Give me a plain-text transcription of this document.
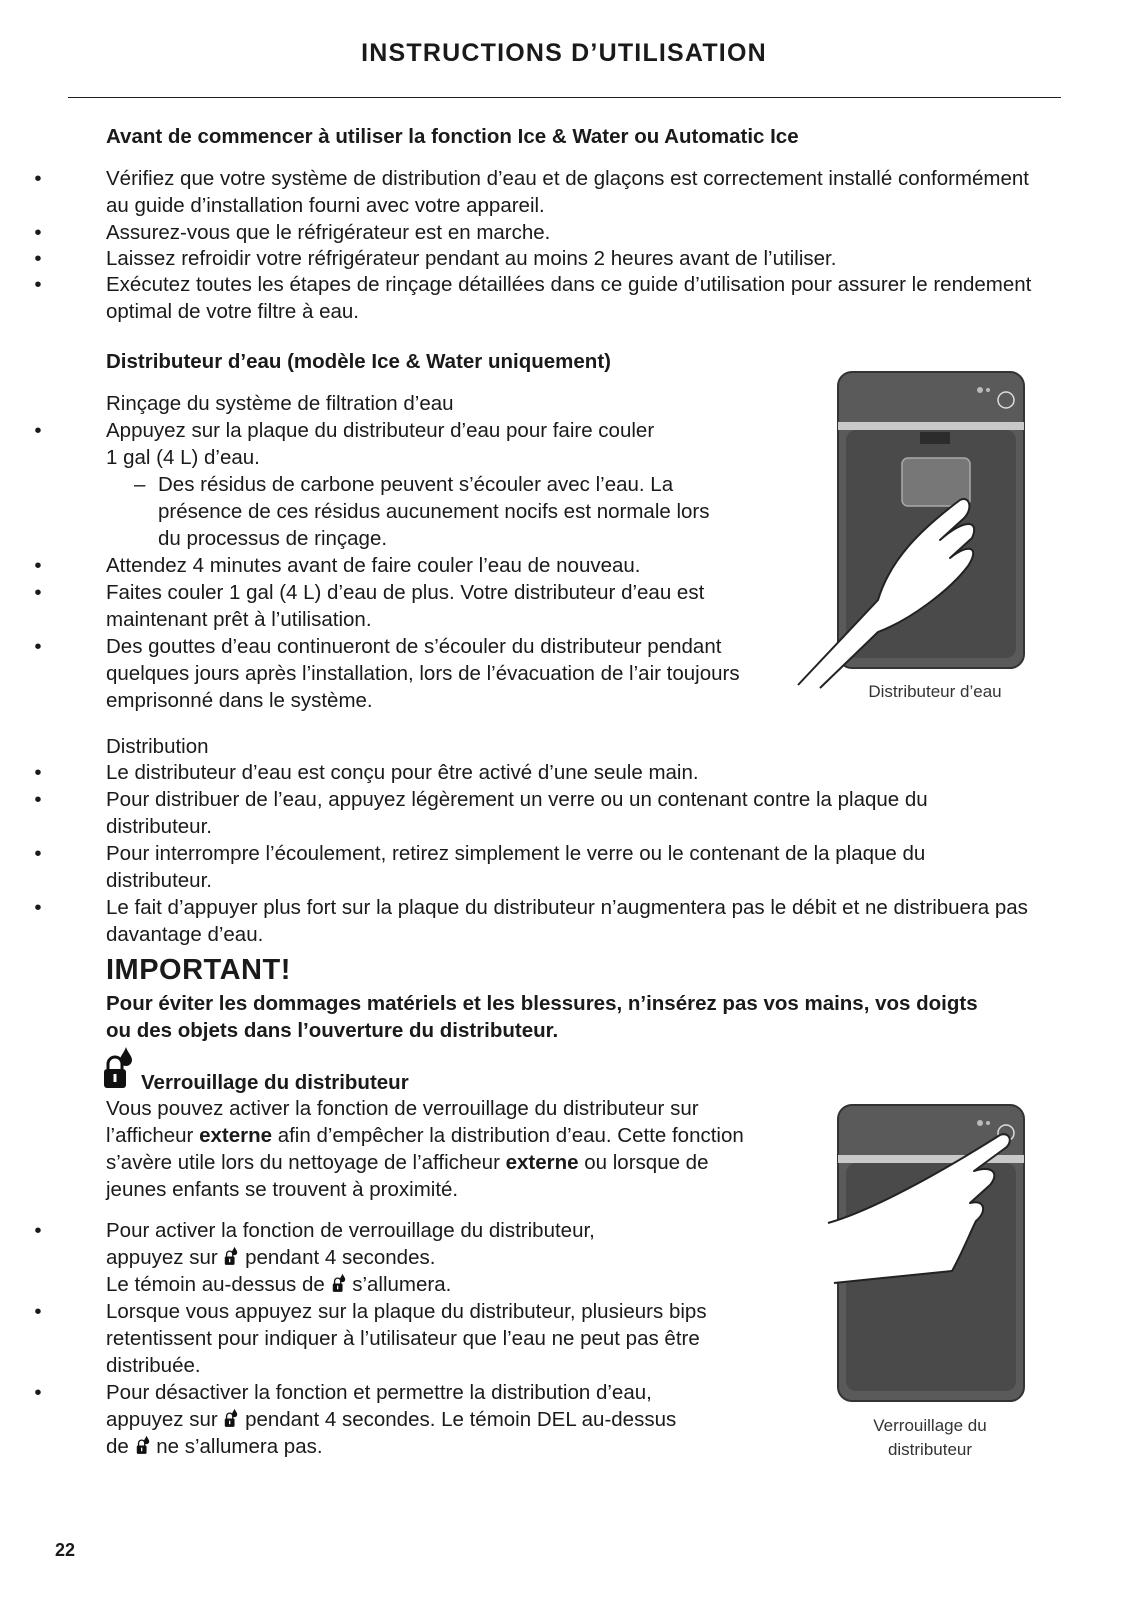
INSTRUCTIONS D’UTILISATION
Avant de commencer à utiliser la fonction Ice & Water ou Automatic Ice
•	Vérifiez que votre système de distribution d’eau et de glaçons est correctement installé conformément au guide d’installation fourni avec votre appareil.
•	Assurez-vous que le réfrigérateur est en marche.
•	Laissez refroidir votre réfrigérateur pendant au moins 2 heures avant de l’utiliser.
•	Exécutez toutes les étapes de rinçage détaillées dans ce guide d’utilisation pour assurer le rendement optimal de votre filtre à eau.
Distributeur d’eau (modèle Ice & Water uniquement)
Rinçage du système de filtration d’eau
•	Appuyez sur la plaque du distributeur d’eau pour faire couler
1 gal (4 L) d’eau.
– Des résidus de carbone peuvent s’écouler avec l’eau. La présence de ces résidus aucunement nocifs est normale lors du processus de rinçage.
•	Attendez 4 minutes avant de faire couler l’eau de nouveau.
•	Faites couler 1 gal (4 L) d’eau de plus. Votre distributeur d’eau est maintenant prêt à l’utilisation.
•	Des gouttes d’eau continueront de s’écouler du distributeur pendant quelques jours après l’installation, lors de l’évacuation de l’air toujours emprisonné dans le système.	Distributeur d’eau
Distribution
•	Le distributeur d’eau est conçu pour être activé d’une seule main.
•	Pour distribuer de l’eau, appuyez légèrement un verre ou un contenant contre la plaque du distributeur.
•	Pour interrompre l’écoulement, retirez simplement le verre ou le contenant de la plaque du distributeur.
•	Le fait d’appuyer plus fort sur la plaque du distributeur n’augmentera pas le débit et ne distribuera pas davantage d’eau.
IMPORTANT!
Pour éviter les dommages matériels et les blessures, n’insérez pas vos mains, vos doigts ou des objets dans l’ouverture du distributeur.
Verrouillage du distributeur
Vous pouvez activer la fonction de verrouillage du distributeur sur l’afficheur externe afin d’empêcher la distribution d’eau. Cette fonction s’avère utile lors du nettoyage de l’afficheur externe ou lorsque de jeunes enfants se trouvent à proximité.
•	Pour activer la fonction de verrouillage du distributeur,
appuyez sur  pendant 4 secondes.
Le témoin au-dessus de  s’allumera.
•	Lorsque vous appuyez sur la plaque du distributeur, plusieurs bips retentissent pour indiquer à l’utilisateur que l’eau ne peut pas être distribuée.
•	Pour désactiver la fonction et permettre la distribution d’eau,
appuyez sur  pendant 4 secondes. Le témoin DEL au-dessus
de  ne s’allumera pas.
Verrouillage du
distributeur
22
